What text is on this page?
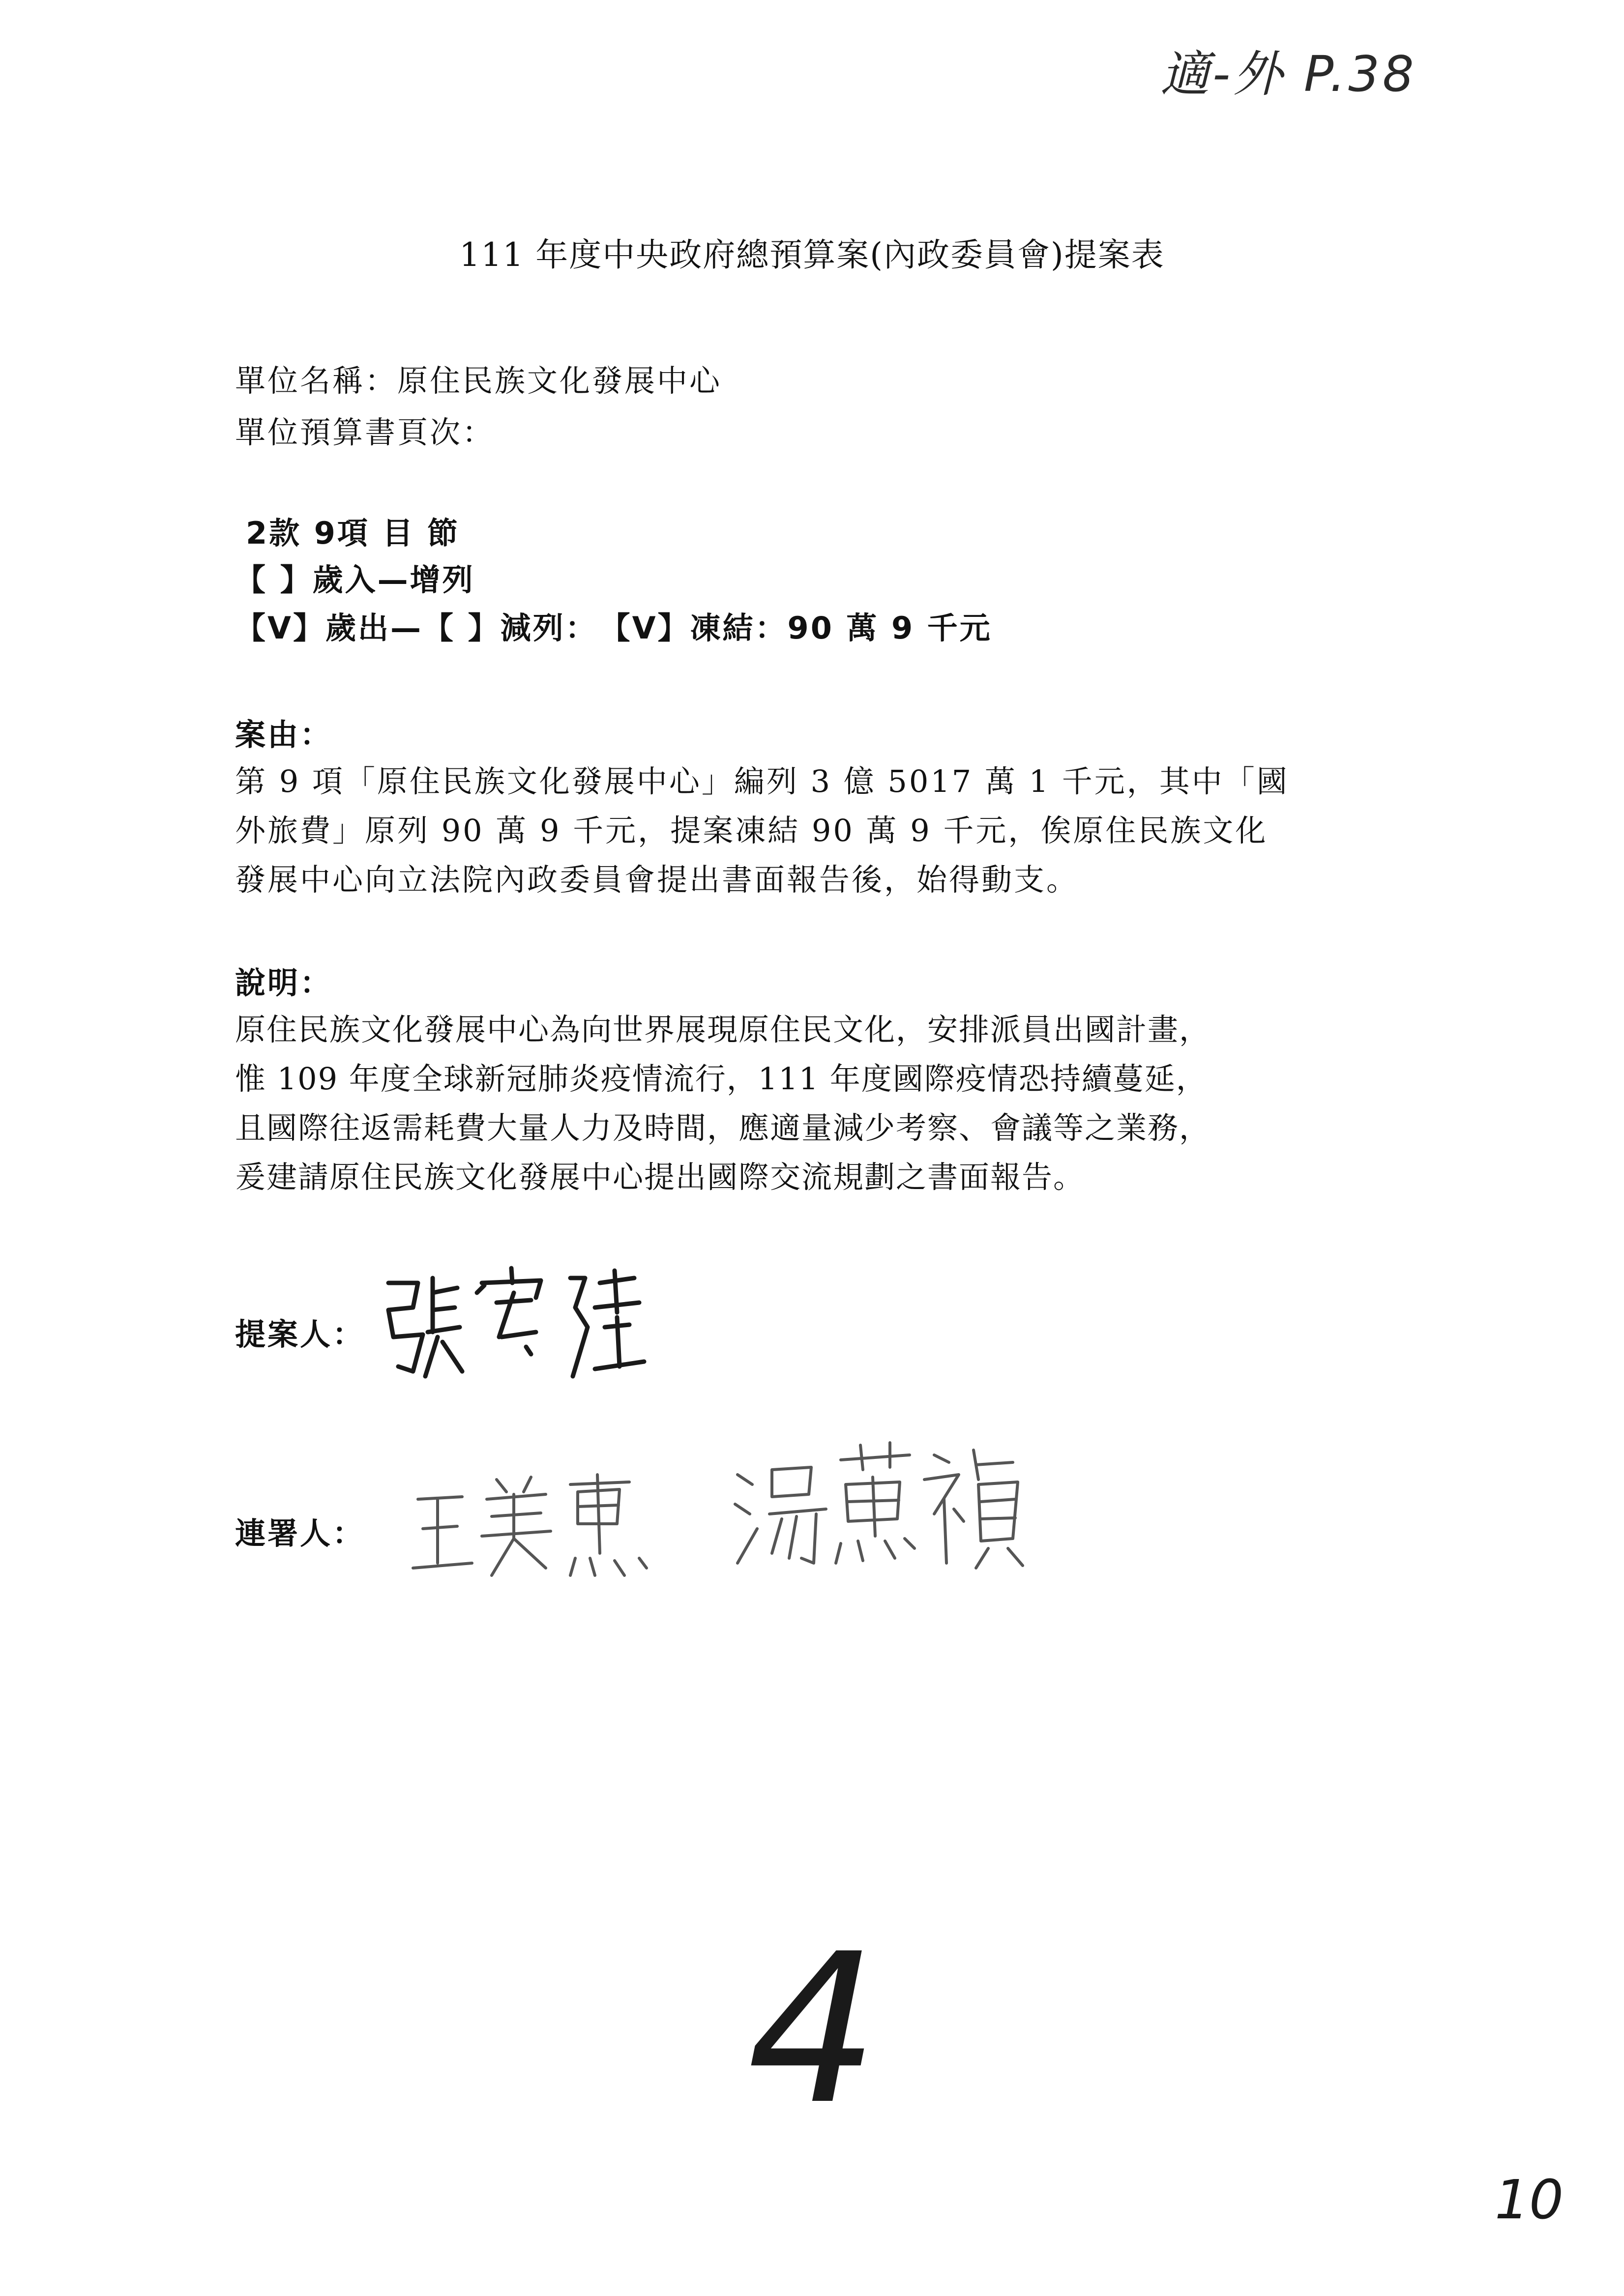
適-外 P.38
111 年度中央政府總預算案(內政委員會)提案表
單位名稱：原住民族文化發展中心
單位預算書頁次：
2款 9項 目 節
【 】歲入—增列
【V】歲出—【 】減列：　【V】凍結：90 萬 9 千元
案由：
第 9 項「原住民族文化發展中心」編列 3 億 5017 萬 1 千元，其中「國
外旅費」原列 90 萬 9 千元，提案凍結 90 萬 9 千元，俟原住民族文化
發展中心向立法院內政委員會提出書面報告後，始得動支。
說明：
原住民族文化發展中心為向世界展現原住民文化，安排派員出國計畫，
惟 109 年度全球新冠肺炎疫情流行，111 年度國際疫情恐持續蔓延，
且國際往返需耗費大量人力及時間，應適量減少考察、會議等之業務，
爰建請原住民族文化發展中心提出國際交流規劃之書面報告。
提案人：
連署人：
4
10
